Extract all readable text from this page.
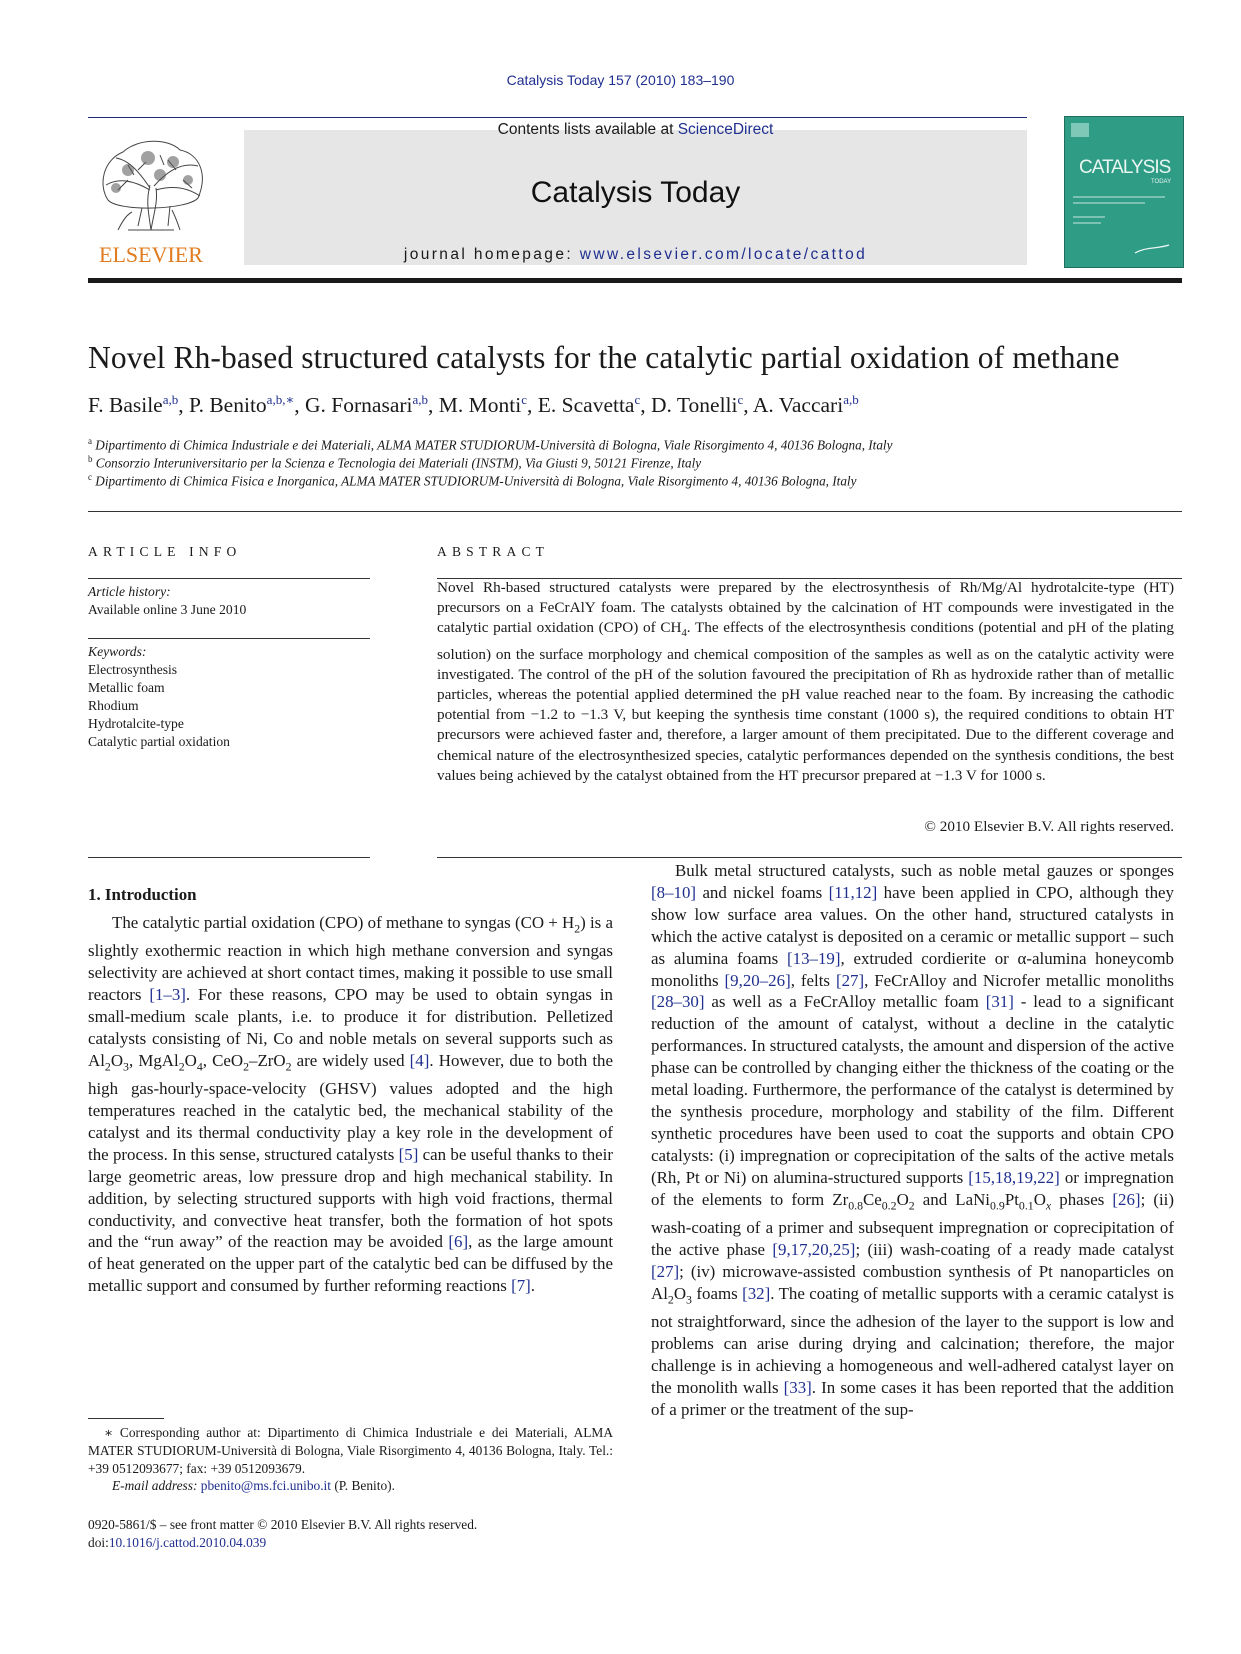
Catalysis Today 157 (2010) 183–190
ELSEVIER
Contents lists available at ScienceDirect
Catalysis Today
journal homepage: www.elsevier.com/locate/cattod
CATALYSIS
TODAY
Novel Rh-based structured catalysts for the catalytic partial oxidation of methane
F. Basile$^{a,b}$, P. Benito$^{a,b,∗}$, G. Fornasari$^{a,b}$, M. Monti$^c$, E. Scavetta$^c$, D. Tonelli$^c$, A. Vaccari$^{a,b}$
$^a$ Dipartimento di Chimica Industriale e dei Materiali, ALMA MATER STUDIORUM-Università di Bologna, Viale Risorgimento 4, 40136 Bologna, Italy
$^b$ Consorzio Interuniversitario per la Scienza e Tecnologia dei Materiali (INSTM), Via Giusti 9, 50121 Firenze, Italy
$^c$ Dipartimento di Chimica Fisica e Inorganica, ALMA MATER STUDIORUM-Università di Bologna, Viale Risorgimento 4, 40136 Bologna, Italy
ARTICLE INFO
Article history:
Available online 3 June 2010
Keywords:
Electrosynthesis
Metallic foam
Rhodium
Hydrotalcite-type
Catalytic partial oxidation
ABSTRACT
Novel Rh-based structured catalysts were prepared by the electrosynthesis of Rh/Mg/Al hydrotalcite-type (HT) precursors on a FeCrAlY foam. The catalysts obtained by the calcination of HT compounds were investigated in the catalytic partial oxidation (CPO) of $CH_4$. The effects of the electrosynthesis conditions (potential and pH of the plating solution) on the surface morphology and chemical composition of the samples as well as on the catalytic activity were investigated. The control of the pH of the solution favoured the precipitation of Rh as hydroxide rather than of metallic particles, whereas the potential applied determined the pH value reached near to the foam. By increasing the cathodic potential from −1.2 to −1.3 V, but keeping the synthesis time constant (1000 s), the required conditions to obtain HT precursors were achieved faster and, therefore, a larger amount of them precipitated. Due to the different coverage and chemical nature of the electrosynthesized species, catalytic performances depended on the synthesis conditions, the best values being achieved by the catalyst obtained from the HT precursor prepared at −1.3 V for 1000 s.
© 2010 Elsevier B.V. All rights reserved.
1. Introduction

The catalytic partial oxidation (CPO) of methane to syngas $(CO + H_2)$ is a slightly exothermic reaction in which high methane conversion and syngas selectivity are achieved at short contact times, making it possible to use small reactors [1–3]. For these reasons, CPO may be used to obtain syngas in small-medium scale plants, i.e. to produce it for distribution. Pelletized catalysts consisting of Ni, Co and noble metals on several supports such as $Al_2O_3$, $MgAl_2O_4$, CeO$_2$–ZrO$_2$ are widely used [4]. However, due to both the high gas-hourly-space-velocity (GHSV) values adopted and the high temperatures reached in the catalytic bed, the mechanical stability of the catalyst and its thermal conductivity play a key role in the development of the process. In this sense, structured catalysts [5] can be useful thanks to their large geometric areas, low pressure drop and high mechanical stability. In addition, by selecting structured supports with high void fractions, thermal conductivity, and convective heat transfer, both the formation of hot spots and the “run away” of the reaction may be avoided [6], as the large amount of heat generated on the upper part of the catalytic bed can be diffused by the metallic support and consumed by further reforming reactions [7].

Bulk metal structured catalysts, such as noble metal gauzes or sponges [8–10] and nickel foams [11,12] have been applied in CPO, although they show low surface area values. On the other hand, structured catalysts in which the active catalyst is deposited on a ceramic or metallic support – such as alumina foams [13–19], extruded cordierite or α-alumina honeycomb monoliths [9,20–26], felts [27], FeCrAlloy and Nicrofer metallic monoliths [28–30] as well as a FeCrAlloy metallic foam [31] - lead to a significant reduction of the amount of catalyst, without a decline in the catalytic performances. In structured catalysts, the amount and dispersion of the active phase can be controlled by changing either the thickness of the coating or the metal loading. Furthermore, the performance of the catalyst is determined by the synthesis procedure, morphology and stability of the film. Different synthetic procedures have been used to coat the supports and obtain CPO catalysts: (i) impregnation or coprecipitation of the salts of the active metals (Rh, Pt or Ni) on alumina-structured supports [15,18,19,22] or impregnation of the elements to form $Zr_{0.8}Ce_{0.2}O_2$ and $LaNi_{0.9}Pt_{0.1}O_x$ phases [26]; (ii) wash-coating of a primer and subsequent impregnation or coprecipitation of the active phase [9,17,20,25]; (iii) wash-coating of a ready made catalyst [27]; (iv) microwave-assisted combustion synthesis of Pt nanoparticles on $Al_2O_3$ foams [32]. The coating of metallic supports with a ceramic catalyst is not straightforward, since the adhesion of the layer to the support is low and problems can arise during drying and calcination; therefore, the major challenge is in achieving a homogeneous and well-adhered catalyst layer on the monolith walls [33]. In some cases it has been reported that the addition of a primer or the treatment of the sup-

∗ Corresponding author at: Dipartimento di Chimica Industriale e dei Materiali, ALMA MATER STUDIORUM-Università di Bologna, Viale Risorgimento 4, 40136 Bologna, Italy. Tel.: +39 0512093677; fax: +39 0512093679.
E-mail address: pbenito@ms.fci.unibo.it (P. Benito).
0920-5861/$ – see front matter © 2010 Elsevier B.V. All rights reserved.
doi:10.1016/j.cattod.2010.04.039
